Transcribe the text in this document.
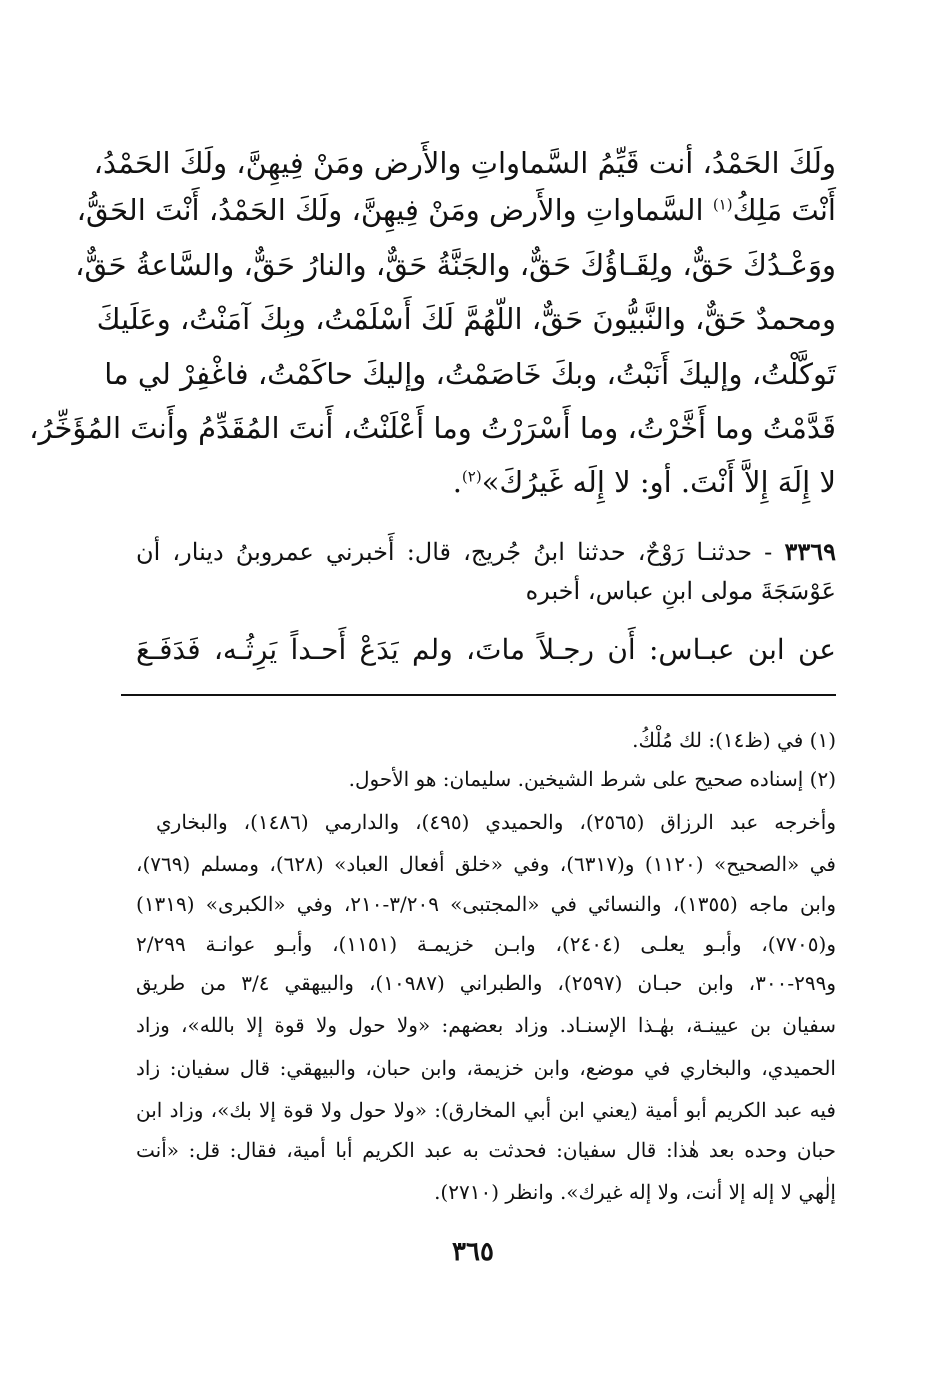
ولَكَ الحَمْدُ، أنت قَيِّمُ السَّماواتِ والأَرض ومَنْ فِيهِنَّ، ولَكَ الحَمْدُ،
أَنْتَ مَلِكُ$^{(١)}$ السَّماواتِ والأَرض ومَنْ فِيهِنَّ، ولَكَ الحَمْدُ، أَنْتَ الحَقُّ،
ووَعْـدُكَ حَقٌّ، ولِقَـاؤُكَ حَقٌّ، والجَنَّةُ حَقٌّ، والنارُ حَقٌّ، والسَّاعةُ حَقٌّ،
ومحمدٌ حَقٌّ، والنَّبيُّونَ حَقٌّ، اللّهُمَّ لَكَ أَسْلَمْتُ، وبِكَ آمَنْتُ، وعَلَيكَ
تَوكَّلْتُ، وإليكَ أَنَبْتُ، وبكَ خَاصَمْتُ، وإليكَ حاكَمْتُ، فاغْفِرْ لي ما
قَدَّمْتُ وما أَخَّرْتُ، وما أَسْرَرْتُ وما أَعْلَنْتُ، أَنتَ المُقَدِّمُ وأَنتَ المُؤَخِّرُ،
لا إِلَهَ إِلاَّ أَنْتَ. أو: لا إِلَه غَيرُكَ»$^{(٢)}$.
٣٣٦٩ - حدثنـا رَوْحٌ، حدثنا ابنُ جُريج، قال: أَخبرني عمروبنُ دينار، أن
عَوْسَجَةَ مولى ابنِ عباس، أخبره
عن ابن عبـاس: أَن رجـلاً ماتَ، ولم يَدَعْ أَحـداً يَرِثُـه، فَدَفَـعَ
(١) في (ظ١٤): لك مُلْكُ.
(٢) إسناده صحيح على شرط الشيخين. سليمان: هو الأحول.
وأخرجه عبد الرزاق (٢٥٦٥)، والحميدي (٤٩٥)، والدارمي (١٤٨٦)، والبخاري
في «الصحيح» (١١٢٠) و(٦٣١٧)، وفي «خلق أفعال العباد» (٦٢٨)، ومسلم (٧٦٩)،
وابن ماجه (١٣٥٥)، والنسائي في «المجتبى» ٣/٢٠٩-٢١٠، وفي «الكبرى» (١٣١٩)
و(٧٧٠٥)، وأبـو يعلـى (٢٤٠٤)، وابـن خزيمـة (١١٥١)، وأبـو عوانـة ٢/٢٩٩
و٢٩٩-٣٠٠، وابن حبـان (٢٥٩٧)، والطبراني (١٠٩٨٧)، والبيهقي ٣/٤ من طريق
سفيان بن عيينـة، بهٰـذا الإسنـاد. وزاد بعضهم: «ولا حول ولا قوة إلا بالله»، وزاد
الحميدي، والبخاري في موضع، وابن خزيمة، وابن حبان، والبيهقي: قال سفيان: زاد
فيه عبد الكريم أبو أمية (يعني ابن أبي المخارق): «ولا حول ولا قوة إلا بك»، وزاد ابن
حبان وحده بعد هٰذا: قال سفيان: فحدثت به عبد الكريم أبا أمية، فقال: قل: «أنت
إلٰهي لا إله إلا أنت، ولا إله غيرك». وانظر (٢٧١٠).
٣٦٥
